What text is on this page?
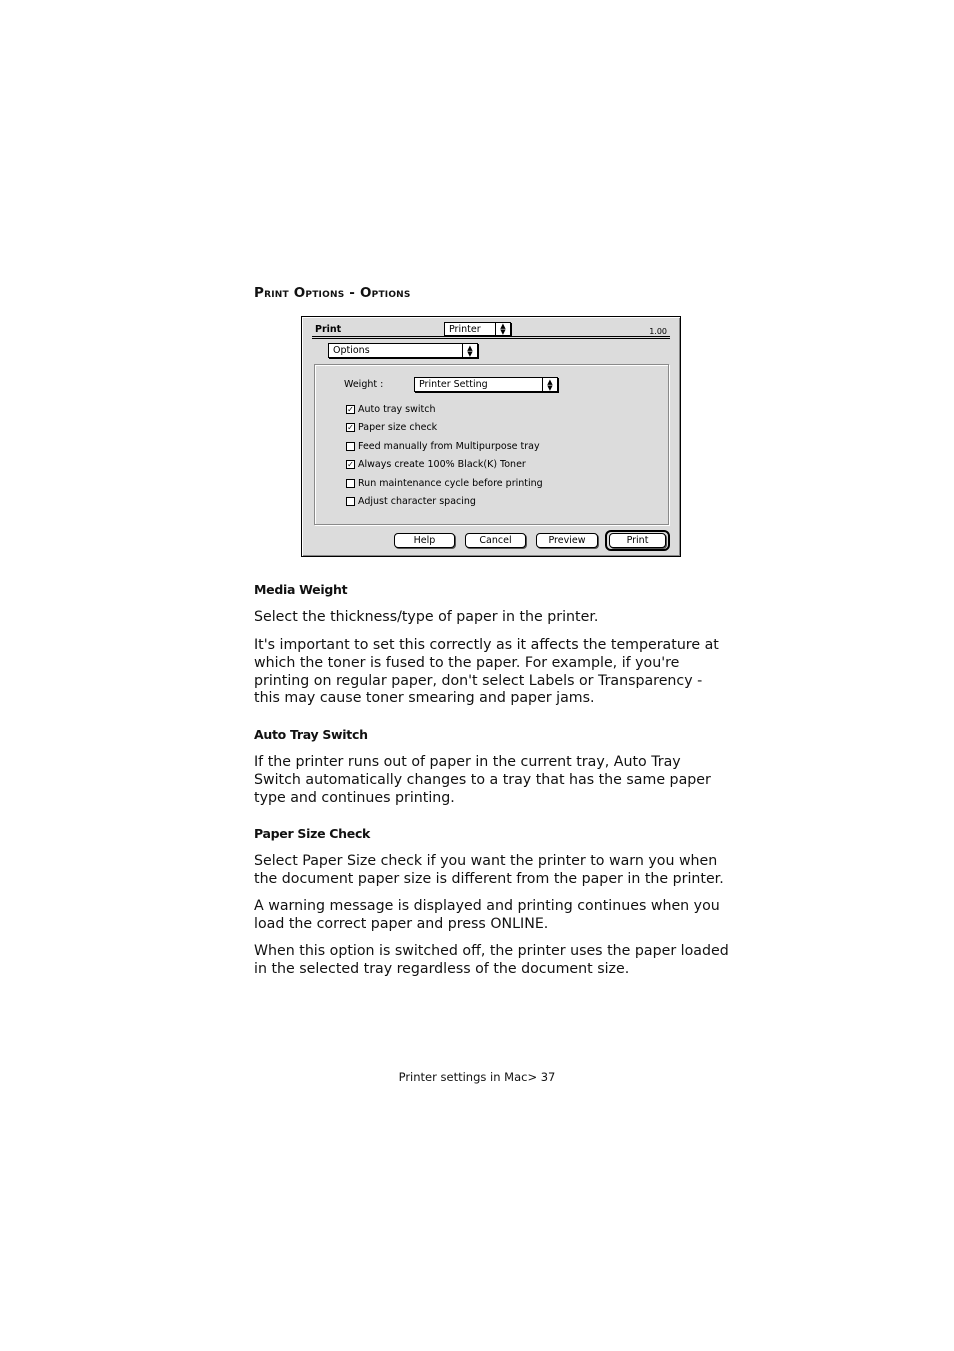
Print Options - Options
Print	Printer	▲
▼	1.00
Options	▲
▼
Weight :	Printer Setting	▲
▼
✓ Auto tray switch
✓ Paper size check
Feed manually from Multipurpose tray
✓ Always create 100% Black(K) Toner
Run maintenance cycle before printing
Adjust character spacing
Help	Cancel	Preview	Print
Media Weight

Select the thickness/type of paper in the printer.

It's important to set this correctly as it affects the temperature at which the toner is fused to the paper. For example, if you're printing on regular paper, don't select Labels or Transparency - this may cause toner smearing and paper jams.

Auto Tray Switch

If the printer runs out of paper in the current tray, Auto Tray Switch automatically changes to a tray that has the same paper type and continues printing.

Paper Size Check

Select Paper Size check if you want the printer to warn you when the document paper size is different from the paper in the printer.

A warning message is displayed and printing continues when you load the correct paper and press ONLINE.

When this option is switched off, the printer uses the paper loaded in the selected tray regardless of the document size.

Printer settings in Mac> 37
